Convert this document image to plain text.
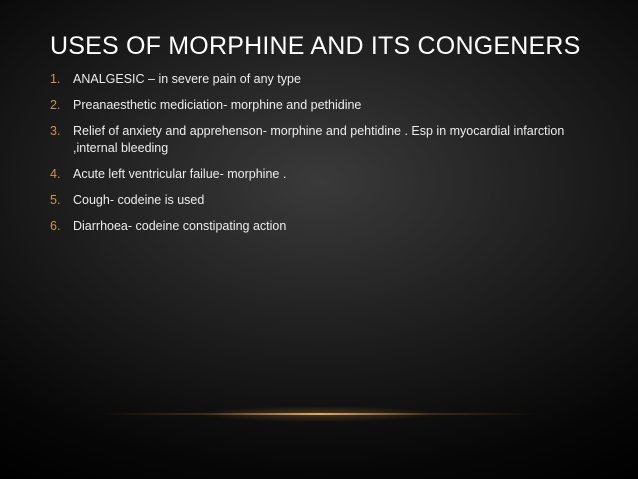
USES OF MORPHINE AND ITS CONGENERS
1.	ANALGESIC – in severe pain of any type
2.	Preanaesthetic mediciation- morphine and pethidine
3.	Relief of anxiety and apprehenson- morphine and pehtidine . Esp in myocardial infarction ,internal bleeding
4.	Acute left ventricular failue- morphine .
5.	Cough- codeine is used
6.	Diarrhoea- codeine constipating action
